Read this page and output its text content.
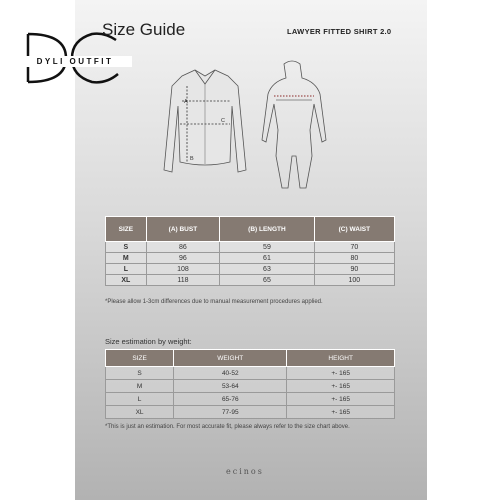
DYLI OUTFIT
Size Guide	LAWYER FITTED SHIRT 2.0
A
B
C
SIZE	(A) BUST	(B) LENGTH	(C) WAIST
S	86	59	70
M	96	61	80
L	108	63	90
XL	118	65	100
*Please allow 1-3cm differences due to manual measurement procedures applied.
Size estimation by weight:
SIZE	WEIGHT	HEIGHT
S	40-52	+- 165
M	53-64	+- 165
L	65-76	+- 165
XL	77-95	+- 165
*This is just an estimation. For most accurate fit, please always refer to the size chart above.
ecinos
